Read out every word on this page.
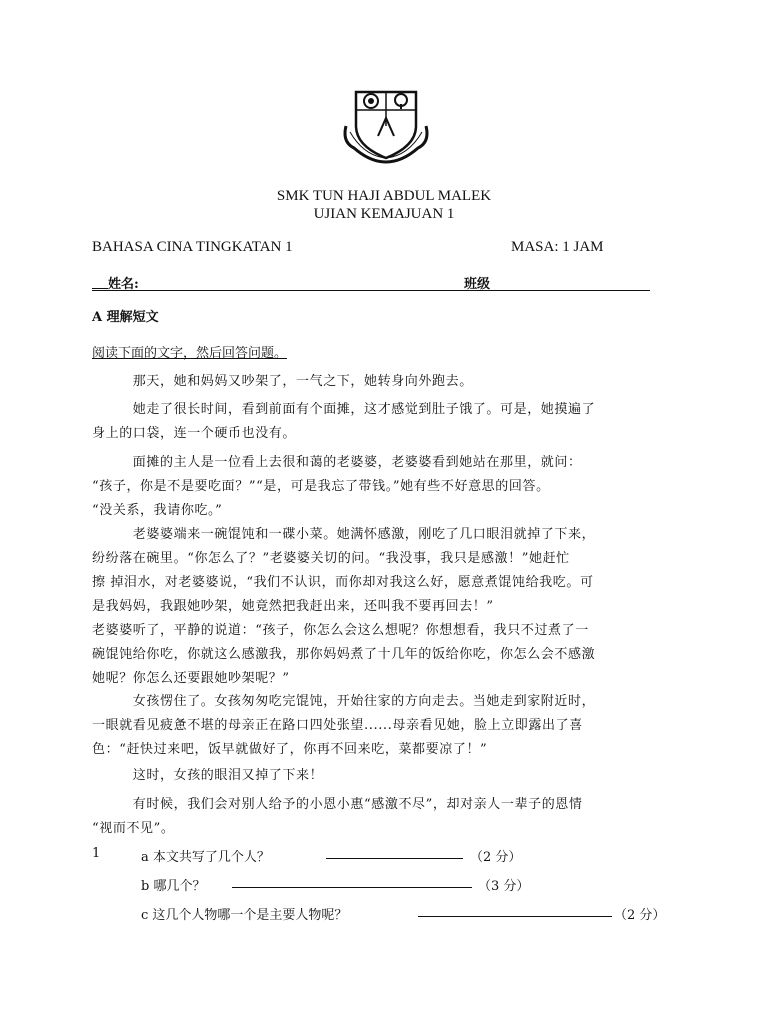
SMK TUN HAJI ABDUL MALEK
UJIAN KEMAJUAN 1
BAHASA CINA TINGKATAN 1	MASA: 1 JAM
姓名:	班级
A 理解短文
阅读下面的文字，然后回答问题。
　　　那天，她和妈妈又吵架了，一气之下，她转身向外跑去。
　　　她走了很长时间，看到前面有个面摊，这才感觉到肚子饿了。可是，她摸遍了
身上的口袋，连一个硬币也没有。
　　　面摊的主人是一位看上去很和蔼的老婆婆，老婆婆看到她站在那里，就问：
“孩子，你是不是要吃面？”“是，可是我忘了带钱。”她有些不好意思的回答。
“没关系，我请你吃。”
　　　老婆婆端来一碗馄饨和一碟小菜。她满怀感激，刚吃了几口眼泪就掉了下来，
纷纷落在碗里。“你怎么了？”老婆婆关切的问。“我没事，我只是感激！”她赶忙
擦 掉泪水，对老婆婆说，“我们不认识，而你却对我这么好，愿意煮馄饨给我吃。可
是我妈妈，我跟她吵架，她竟然把我赶出来，还叫我不要再回去！”
老婆婆听了，平静的说道：“孩子，你怎么会这么想呢？你想想看，我只不过煮了一
碗馄饨给你吃，你就这么感激我，那你妈妈煮了十几年的饭给你吃，你怎么会不感激
她呢？你怎么还要跟她吵架呢？”
　　　女孩愣住了。女孩匆匆吃完馄饨，开始往家的方向走去。当她走到家附近时，
一眼就看见疲惫不堪的母亲正在路口四处张望......母亲看见她，脸上立即露出了喜
色：“赶快过来吧，饭早就做好了，你再不回来吃，菜都要凉了！”
　　　这时，女孩的眼泪又掉了下来！
　　　有时候，我们会对别人给予的小恩小惠“感激不尽”，却对亲人一辈子的恩情
“视而不见”。
1	a 本文共写了几个人？	（2 分）
b 哪几个？	（3 分）
c 这几个人物哪一个是主要人物呢？	（2 分）
